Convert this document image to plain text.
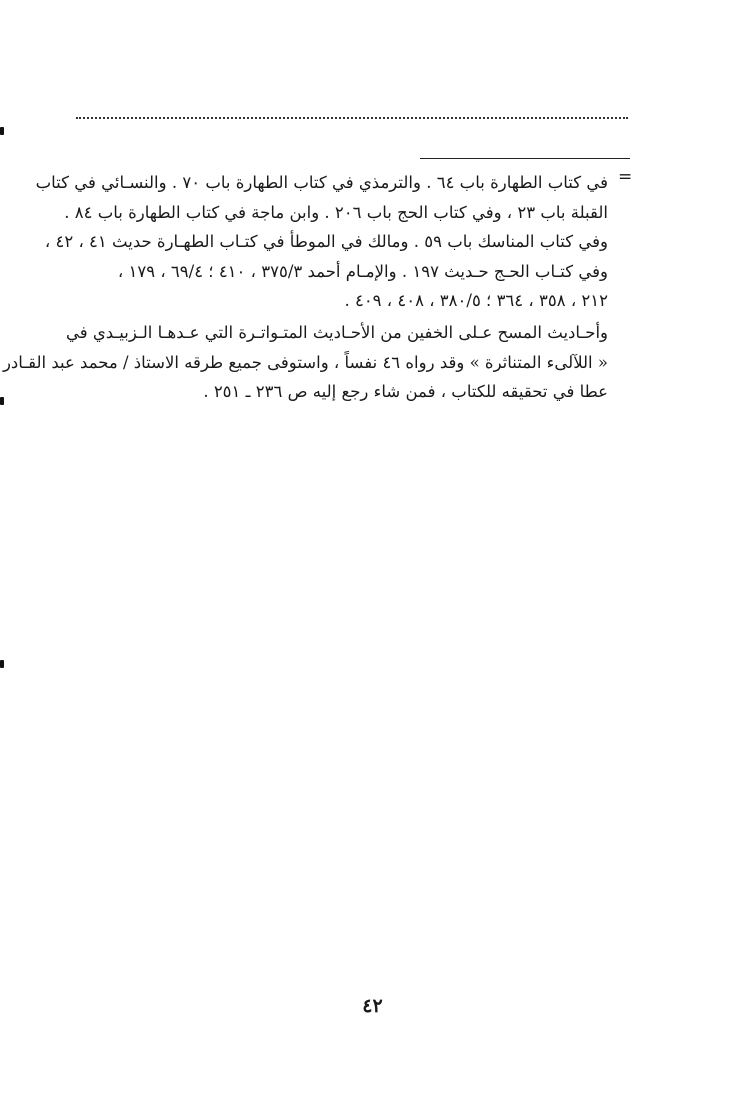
=
في كتاب الطهارة باب ٦٤ . والترمذي في كتاب الطهارة باب ٧٠ . والنسـائي في كتاب
القبلة باب ٢٣ ، وفي كتاب الحج باب ٢٠٦ . وابن ماجة في كتاب الطهارة باب ٨٤ .
وفي كتاب المناسك باب ٥٩ . ومالك في الموطأ في كتـاب الطهـارة حديث ٤١ ، ٤٢ ،
وفي كتـاب الحـج حـديث ١٩٧ . والإمـام أحمد ٣٧٥/٣ ، ٤١٠ ؛ ٦٩/٤ ، ١٧٩ ،
٢١٢ ، ٣٥٨ ، ٣٦٤ ؛ ٣٨٠/٥ ، ٤٠٨ ، ٤٠٩ .
وأحـاديث المسح عـلى الخفين من الأحـاديث المتـواتـرة التي عـدهـا الـزبيـدي في
« اللآلىء المتناثرة » وقد رواه ٤٦ نفساً ، واستوفى جميع طرقه الاستاذ / محمد عبد القـادر
عطا في تحقيقه للكتاب ، فمن شاء رجع إليه ص ٢٣٦ ـ ٢٥١ .
٤٢
